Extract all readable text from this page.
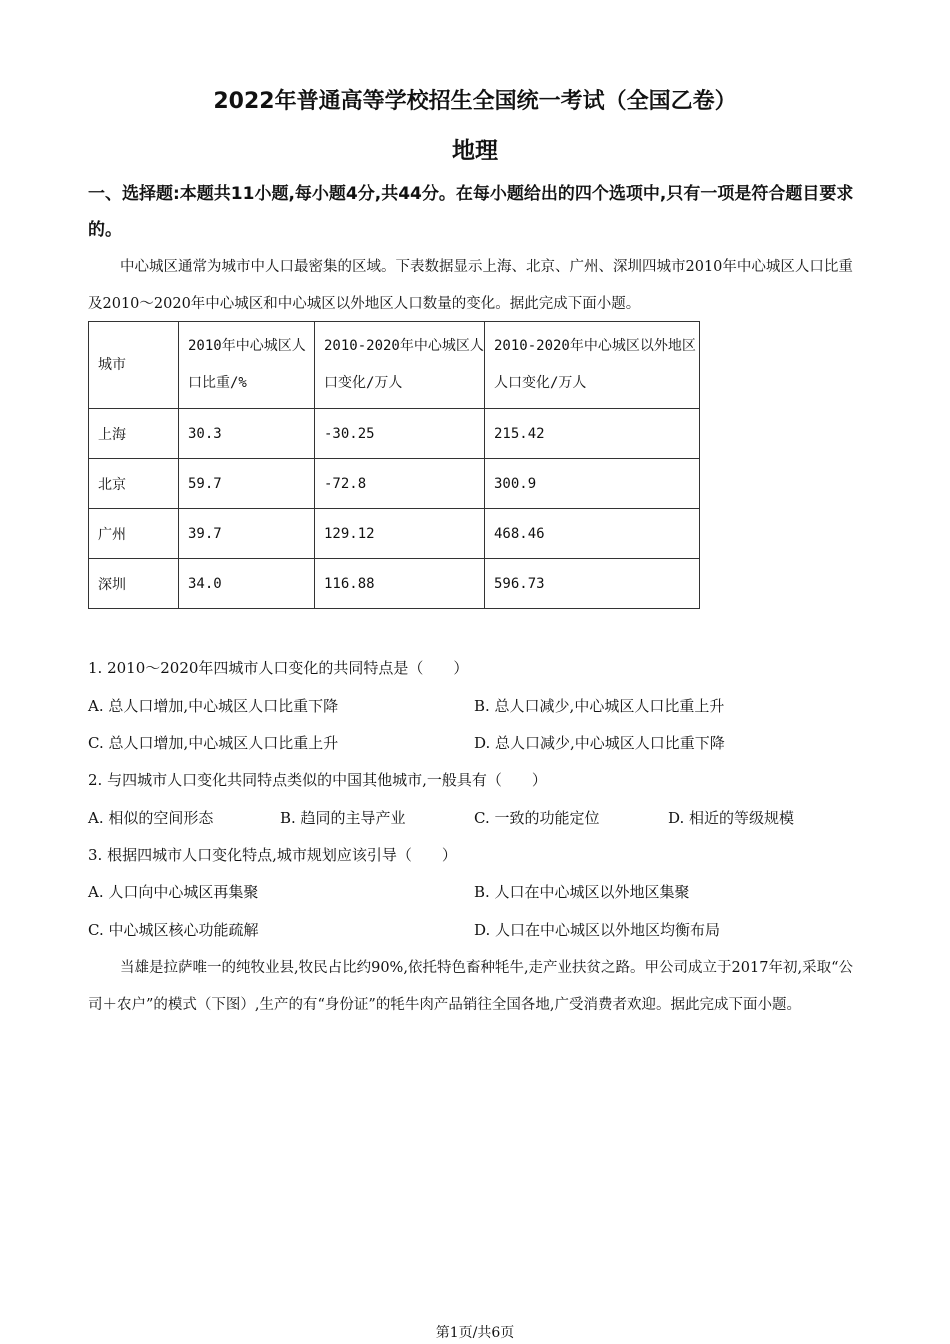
2022年普通高等学校招生全国统一考试（全国乙卷）
地理
一、选择题:本题共11小题,每小题4分,共44分。在每小题给出的四个选项中,只有一项是符合题目要求的。
中心城区通常为城市中人口最密集的区域。下表数据显示上海、北京、广州、深圳四城市2010年中心城区人口比重及2010～2020年中心城区和中心城区以外地区人口数量的变化。据此完成下面小题。
城市	2010年中心城区人口比重/%	2010-2020年中心城区人口变化/万人	2010-2020年中心城区以外地区人口变化/万人
上海	30.3	-30.25	215.42
北京	59.7	-72.8	300.9
广州	39.7	129.12	468.46
深圳	34.0	116.88	596.73
1. 2010～2020年四城市人口变化的共同特点是（　　）
A. 总人口增加,中心城区人口比重下降	B. 总人口减少,中心城区人口比重上升
C. 总人口增加,中心城区人口比重上升	D. 总人口减少,中心城区人口比重下降
2. 与四城市人口变化共同特点类似的中国其他城市,一般具有（　　）
A. 相似的空间形态	B. 趋同的主导产业	C. 一致的功能定位	D. 相近的等级规模
3. 根据四城市人口变化特点,城市规划应该引导（　　）
A. 人口向中心城区再集聚	B. 人口在中心城区以外地区集聚
C. 中心城区核心功能疏解	D. 人口在中心城区以外地区均衡布局
当雄是拉萨唯一的纯牧业县,牧民占比约90%,依托特色畜种牦牛,走产业扶贫之路。甲公司成立于2017年初,采取“公司＋农户”的模式（下图）,生产的有“身份证”的牦牛肉产品销往全国各地,广受消费者欢迎。据此完成下面小题。
第1页/共6页
